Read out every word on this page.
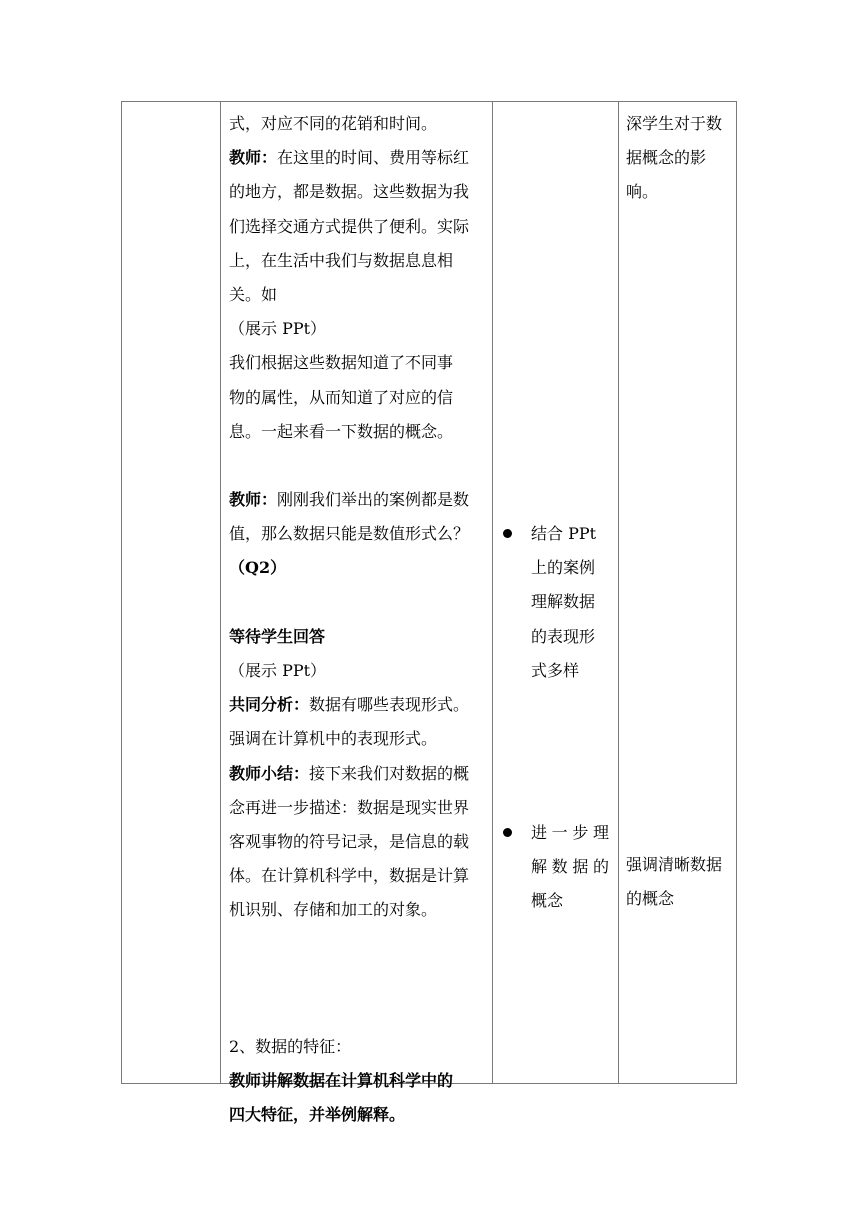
式，对应不同的花销和时间。
教师：在这里的时间、费用等标红
的地方，都是数据。这些数据为我
们选择交通方式提供了便利。实际
上，在生活中我们与数据息息相
关。如
（展示 PPt）
我们根据这些数据知道了不同事
物的属性，从而知道了对应的信
息。一起来看一下数据的概念。
教师：刚刚我们举出的案例都是数
值，那么数据只能是数值形式么？
（Q2）
等待学生回答
（展示 PPt）
共同分析：数据有哪些表现形式。
强调在计算机中的表现形式。
教师小结：接下来我们对数据的概
念再进一步描述：数据是现实世界
客观事物的符号记录，是信息的载
体。在计算机科学中，数据是计算
机识别、存储和加工的对象。
2、数据的特征：
教师讲解数据在计算机科学中的
四大特征，并举例解释。
结合 PPt
上的案例
理解数据
的表现形
式多样
进一步理
解数据的
概念
深学生对于数
据概念的影
响。
强调清晰数据
的概念
